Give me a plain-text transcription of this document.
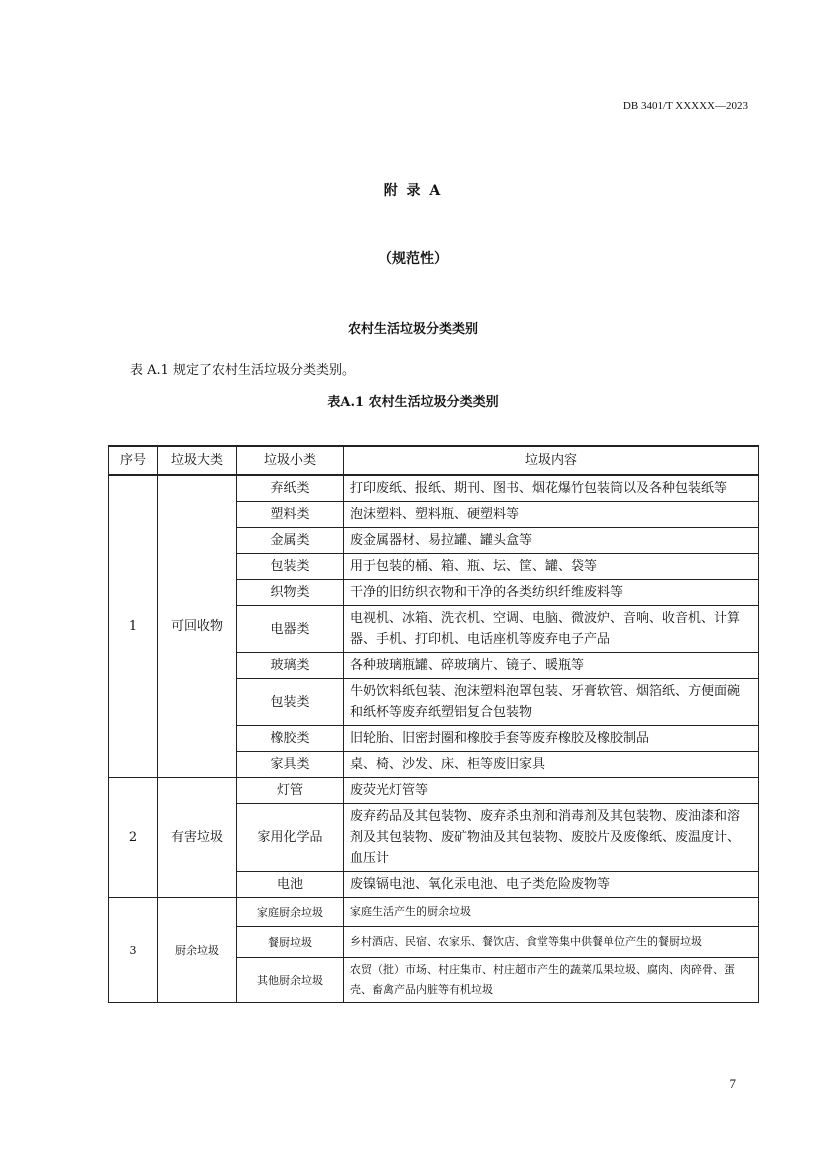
DB 3401/T XXXXX—2023
附 录 A
（规范性）
农村生活垃圾分类类别
表 A.1 规定了农村生活垃圾分类类别。
表A.1 农村生活垃圾分类类别
序号	垃圾大类	垃圾小类	垃圾内容
1	可回收物	弃纸类	打印废纸、报纸、期刊、图书、烟花爆竹包装筒以及各种包装纸等
		塑料类	泡沫塑料、塑料瓶、硬塑料等
		金属类	废金属器材、易拉罐、罐头盒等
		包装类	用于包装的桶、箱、瓶、坛、筐、罐、袋等
		织物类	干净的旧纺织衣物和干净的各类纺织纤维废料等
		电器类	电视机、冰箱、洗衣机、空调、电脑、微波炉、音响、收音机、计算器、手机、打印机、电话座机等废弃电子产品
		玻璃类	各种玻璃瓶罐、碎玻璃片、镜子、暖瓶等
		包装类	牛奶饮料纸包装、泡沫塑料泡罩包装、牙膏软管、烟箔纸、方便面碗和纸杯等废弃纸塑铝复合包装物
		橡胶类	旧轮胎、旧密封圈和橡胶手套等废弃橡胶及橡胶制品
		家具类	桌、椅、沙发、床、柜等废旧家具
2	有害垃圾	灯管	废荧光灯管等
		家用化学品	废弃药品及其包装物、废弃杀虫剂和消毒剂及其包装物、废油漆和溶剂及其包装物、废矿物油及其包装物、废胶片及废像纸、废温度计、血压计
		电池	废镍镉电池、氧化汞电池、电子类危险废物等
3	厨余垃圾	家庭厨余垃圾	家庭生活产生的厨余垃圾
		餐厨垃圾	乡村酒店、民宿、农家乐、餐饮店、食堂等集中供餐单位产生的餐厨垃圾
		其他厨余垃圾	农贸（批）市场、村庄集市、村庄超市产生的蔬菜瓜果垃圾、腐肉、肉碎骨、蛋壳、畜禽产品内脏等有机垃圾
7
